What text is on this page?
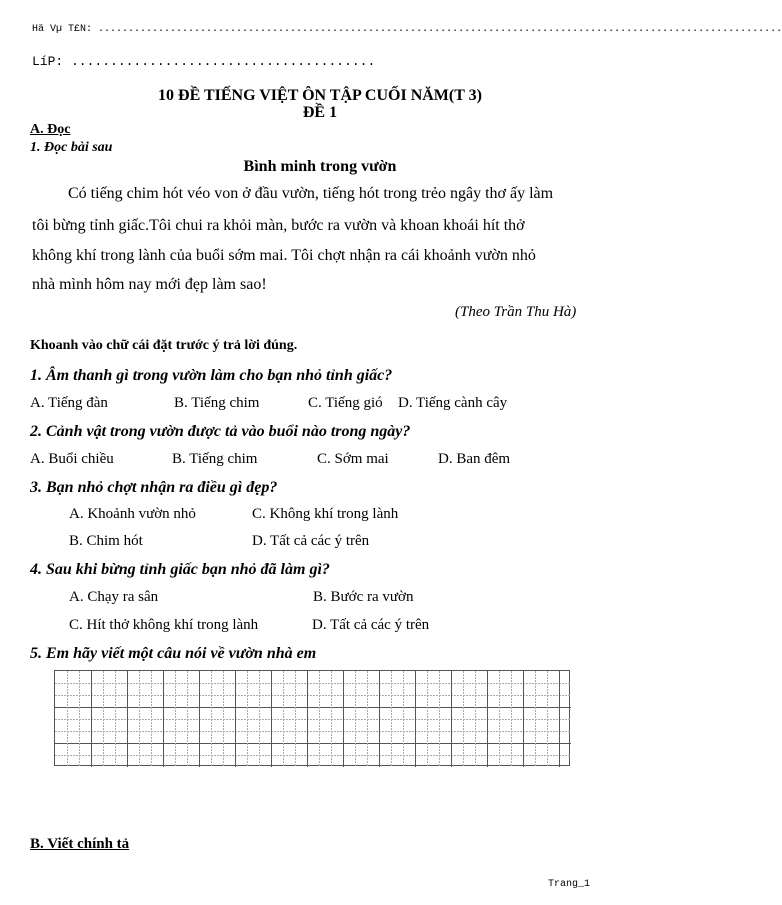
Hä Vµ T£N: ..................................................................................................................
LíP: .......................................
10 ĐỀ TIẾNG VIỆT ÔN TẬP CUỐI NĂM(T 3)
ĐỀ 1
A. Đọc
1. Đọc bài sau
Bình minh trong vườn
Có tiếng chim hót véo von ở đầu vườn, tiếng hót trong trẻo ngây thơ ấy làm
tôi bừng tỉnh giấc.Tôi chui ra khỏi màn, bước ra vườn và khoan khoái hít thở
không khí trong lành của buổi sớm mai. Tôi chợt nhận ra cái khoảnh vườn nhỏ
nhà mình hôm nay mới đẹp làm sao!
(Theo Trần Thu Hà)
Khoanh vào chữ cái đặt trước ý trả lời đúng.
1. Âm thanh gì trong vườn làm cho bạn nhỏ tỉnh giấc?
A. Tiếng đàn	B. Tiếng chim	C. Tiếng gió D. Tiếng cành cây
2. Cảnh vật trong vườn được tả vào buổi nào trong ngày?
A. Buổi chiều	B. Tiếng chim	C. Sớm mai	D. Ban đêm
3. Bạn nhỏ chợt nhận ra điều gì đẹp?
A. Khoảnh vườn nhỏ	C. Không khí trong lành
B. Chim hót	D. Tất cả các ý trên
4. Sau khi bừng tỉnh giấc bạn nhỏ đã làm gì?
A. Chạy ra sân	B. Bước ra vườn
C. Hít thở không khí trong lành	D. Tất cả các ý trên
5. Em hãy viết một câu nói về vườn nhà em
B. Viết chính tả
Trang_1
